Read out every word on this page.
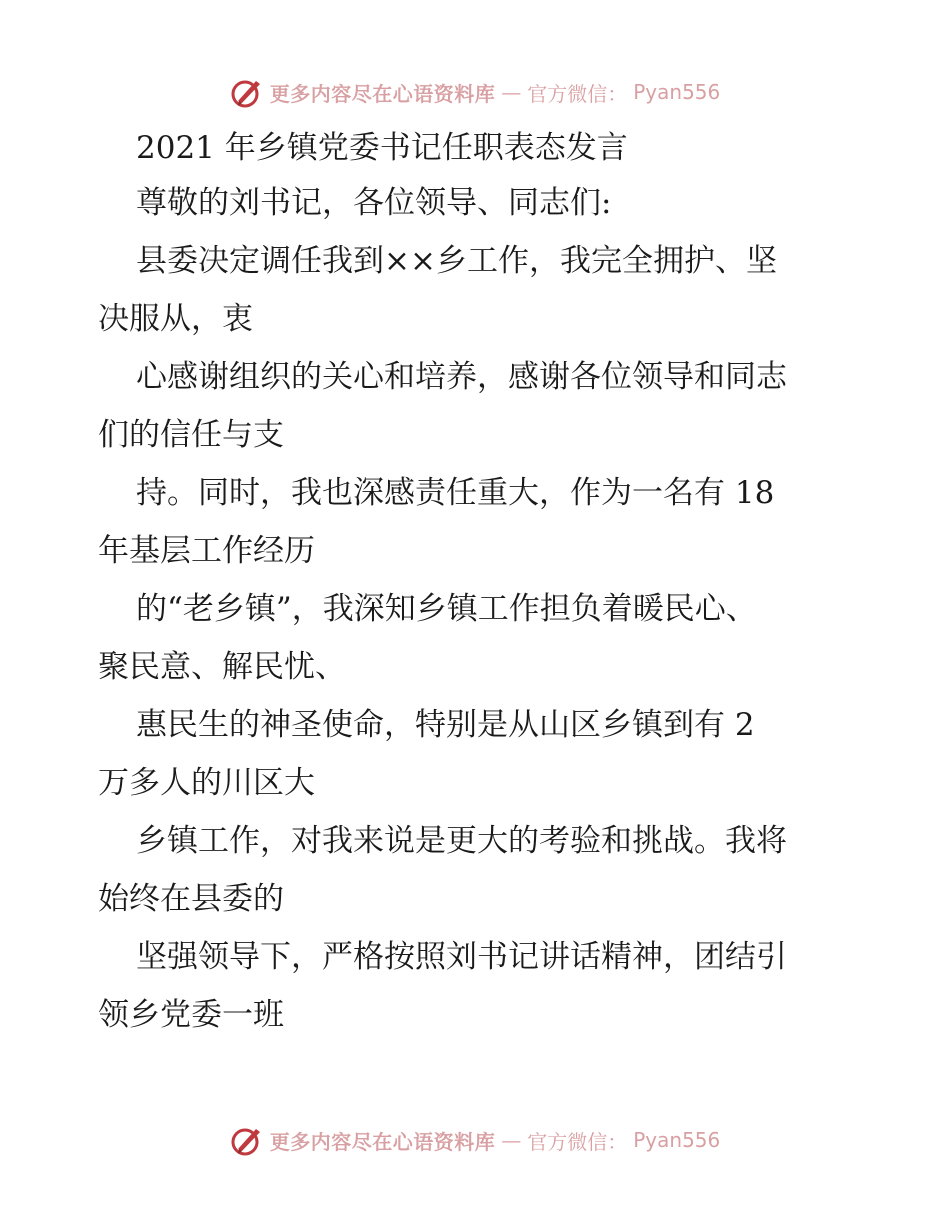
更多内容尽在心语资料库 — 官方微信： Pyan556
2021 年乡镇党委书记任职表态发言
尊敬的刘书记，各位领导、同志们:
县委决定调任我到××乡工作，我完全拥护、坚
决服从，衷
心感谢组织的关心和培养，感谢各位领导和同志
们的信任与支
持。同时，我也深感责任重大，作为一名有 18
年基层工作经历
的“老乡镇”，我深知乡镇工作担负着暖民心、
聚民意、解民忧、
惠民生的神圣使命，特别是从山区乡镇到有 2
万多人的川区大
乡镇工作，对我来说是更大的考验和挑战。我将
始终在县委的
坚强领导下，严格按照刘书记讲话精神，团结引
领乡党委一班
更多内容尽在心语资料库 — 官方微信： Pyan556
